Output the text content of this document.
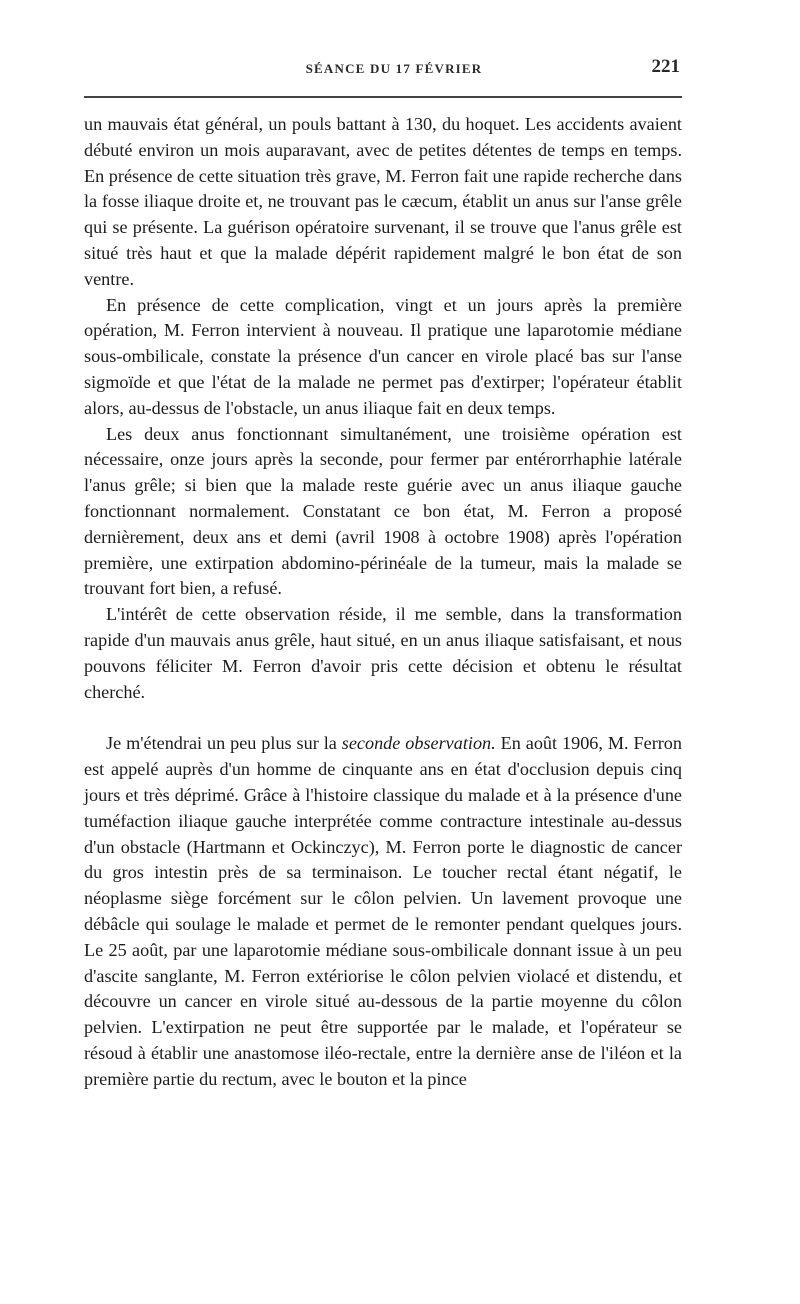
SÉANCE DU 17 FÉVRIER	221

un mauvais état général, un pouls battant à 130, du hoquet. Les accidents avaient débuté environ un mois auparavant, avec de petites détentes de temps en temps. En présence de cette situation très grave, M. Ferron fait une rapide recherche dans la fosse iliaque droite et, ne trouvant pas le cæcum, établit un anus sur l'anse grêle qui se présente. La guérison opératoire survenant, il se trouve que l'anus grêle est situé très haut et que la malade dépérit rapidement malgré le bon état de son ventre.

En présence de cette complication, vingt et un jours après la première opération, M. Ferron intervient à nouveau. Il pratique une laparotomie médiane sous-ombilicale, constate la présence d'un cancer en virole placé bas sur l'anse sigmoïde et que l'état de la malade ne permet pas d'extirper; l'opérateur établit alors, au-dessus de l'obstacle, un anus iliaque fait en deux temps.

Les deux anus fonctionnant simultanément, une troisième opération est nécessaire, onze jours après la seconde, pour fermer par entérorrhaphie latérale l'anus grêle; si bien que la malade reste guérie avec un anus iliaque gauche fonctionnant normalement. Constatant ce bon état, M. Ferron a proposé dernièrement, deux ans et demi (avril 1908 à octobre 1908) après l'opération première, une extirpation abdomino-périnéale de la tumeur, mais la malade se trouvant fort bien, a refusé.

L'intérêt de cette observation réside, il me semble, dans la transformation rapide d'un mauvais anus grêle, haut situé, en un anus iliaque satisfaisant, et nous pouvons féliciter M. Ferron d'avoir pris cette décision et obtenu le résultat cherché.

Je m'étendrai un peu plus sur la seconde observation. En août 1906, M. Ferron est appelé auprès d'un homme de cinquante ans en état d'occlusion depuis cinq jours et très déprimé. Grâce à l'histoire classique du malade et à la présence d'une tuméfaction iliaque gauche interprétée comme contracture intestinale au-dessus d'un obstacle (Hartmann et Ockinczyc), M. Ferron porte le diagnostic de cancer du gros intestin près de sa terminaison. Le toucher rectal étant négatif, le néoplasme siège forcément sur le côlon pelvien. Un lavement provoque une débâcle qui soulage le malade et permet de le remonter pendant quelques jours. Le 25 août, par une laparotomie médiane sous-ombilicale donnant issue à un peu d'ascite sanglante, M. Ferron extériorise le côlon pelvien violacé et distendu, et découvre un cancer en virole situé au-dessous de la partie moyenne du côlon pelvien. L'extirpation ne peut être supportée par le malade, et l'opérateur se résoud à établir une anastomose iléo-rectale, entre la dernière anse de l'iléon et la première partie du rectum, avec le bouton et la pince
